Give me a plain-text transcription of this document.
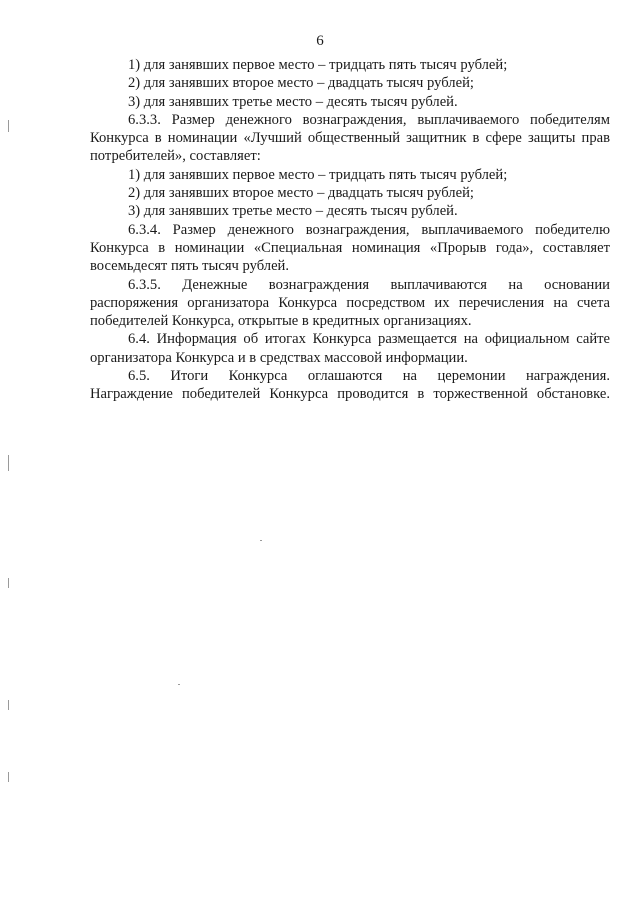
6
1) для занявших первое место – тридцать пять тысяч рублей;
2) для занявших второе место – двадцать тысяч рублей;
3) для занявших третье место – десять тысяч рублей.
6.3.3. Размер денежного вознаграждения, выплачиваемого победителям
Конкурса в номинации «Лучший общественный защитник в сфере защиты прав
потребителей», составляет:
1) для занявших первое место – тридцать пять тысяч рублей;
2) для занявших второе место – двадцать тысяч рублей;
3) для занявших третье место – десять тысяч рублей.
6.3.4. Размер денежного вознаграждения, выплачиваемого победителю
Конкурса в номинации «Специальная номинация «Прорыв года», составляет
восемьдесят пять тысяч рублей.
6.3.5. Денежные вознаграждения выплачиваются на основании
распоряжения организатора Конкурса посредством их перечисления на счета
победителей Конкурса, открытые в кредитных организациях.
6.4. Информация об итогах Конкурса размещается на официальном сайте
организатора Конкурса и в средствах массовой информации.
6.5. Итоги Конкурса оглашаются на церемонии награждения.
Награждение победителей Конкурса проводится в торжественной обстановке.
